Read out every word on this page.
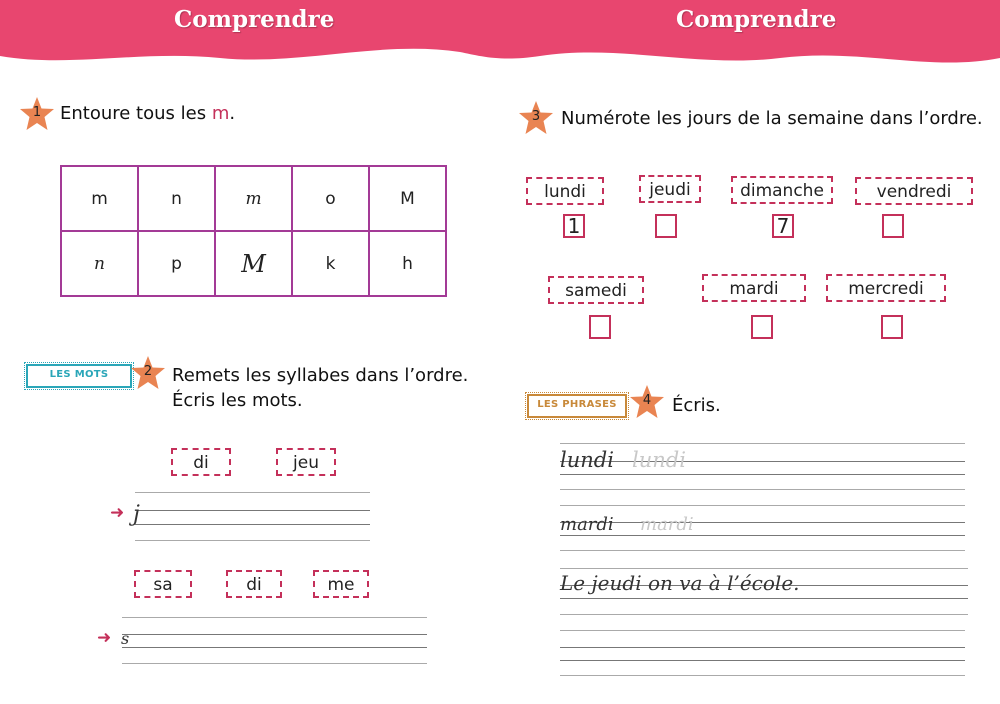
Comprendre	Comprendre
1	Entoure tous les m.
m	n	m	o	M
n	p	M	k	h
LES MOTS	2	Remets les syllabes dans l’ordre.
Écris les mots.
di	jeu
➜ j
sa	di	me
➜ s
3	Numérote les jours de la semaine dans l’ordre.
lundi
1
jeudi	dimanche
7
vendredi
samedi	mardi	mercredi
LES PHRASES	4	Écris.
lundi lundi
mardi mardi
Le jeudi on va à l’école.
